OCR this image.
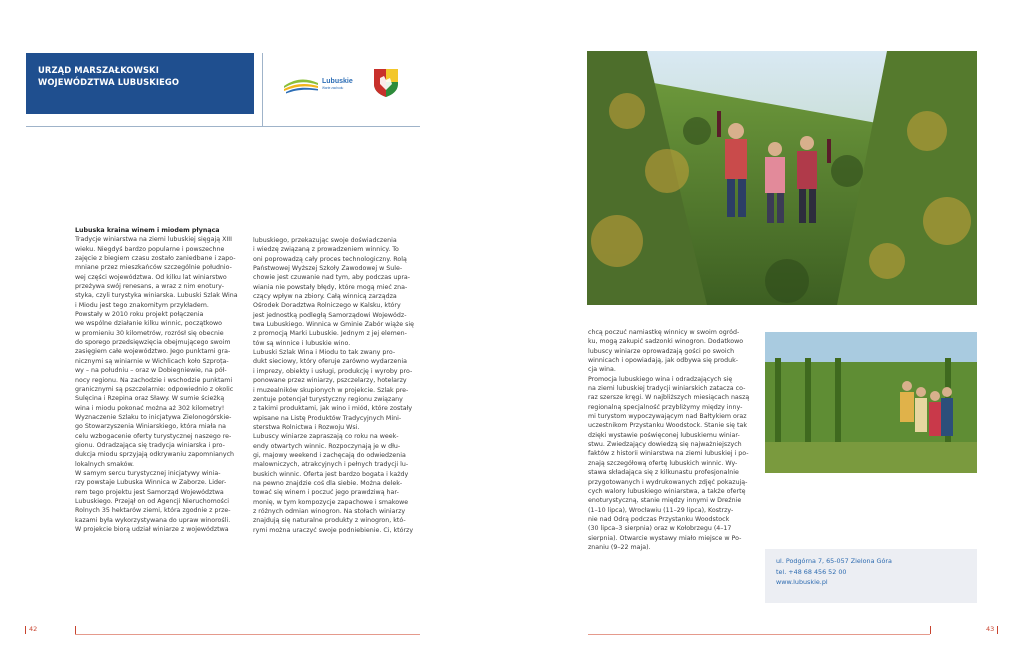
URZĄD MARSZAŁKOWSKI
WOJEWÓDZTWA LUBUSKIEGO	Lubuskie
Warte zachodu
Lubuska kraina winem i miodem płynąca
Tradycje winiarstwa na ziemi lubuskiej sięgają XIII
wieku. Niegdyś bardzo popularne i powszechne
zajęcie z biegiem czasu zostało zaniedbane i zapo-
mniane przez mieszkańców szczególnie południo-
wej części województwa. Od kilku lat winiarstwo
przeżywa swój renesans, a wraz z nim enotury-
styka, czyli turystyka winiarska. Lubuski Szlak Wina
i Miodu jest tego znakomitym przykładem.
Powstały w 2010 roku projekt połączenia
we wspólne działanie kilku winnic, początkowo
w promieniu 30 kilometrów, rozrósł się obecnie
do sporego przedsięwzięcia obejmującego swoim
zasięgiem całe województwo. Jego punktami gra-
nicznymi są winiarnie w Wichlicach koło Szproța-
wy – na południu – oraz w Dobiegniewie, na pół-
nocy regionu. Na zachodzie i wschodzie punktami
granicznymi są pszczelarnie: odpowiednio z okolic
Sulęcina i Rzepina oraz Sławy. W sumie ścieżką
wina i miodu pokonać można aż 302 kilometry!
Wyznaczenie Szlaku to inicjatywa Zielonogórskie-
go Stowarzyszenia Winiarskiego, która miała na
celu wzbogacenie oferty turystycznej naszego re-
gionu. Odradzająca się tradycja winiarska i pro-
dukcja miodu sprzyjają odkrywaniu zapomnianych
lokalnych smaków.
W samym sercu turystycznej inicjatywy winia-
rzy powstaje Lubuska Winnica w Zaborze. Lider-
rem tego projektu jest Samorząd Województwa
Lubuskiego. Przejął on od Agencji Nieruchomości
Rolnych 35 hektarów ziemi, która zgodnie z prze-
kazami była wykorzystywana do upraw winorośli.
W projekcie biorą udział winiarze z województwa
lubuskiego, przekazując swoje doświadczenia
i wiedzę związaną z prowadzeniem winnicy. To
oni poprowadzą cały proces technologiczny. Rolą
Państwowej Wyższej Szkoły Zawodowej w Sule-
chowie jest czuwanie nad tym, aby podczas upra-
wiania nie powstały błędy, które mogą mieć zna-
czący wpływ na zbiory. Całą winnicą zarządza
Ośrodek Doradztwa Rolniczego w Kalsku, który
jest jednostką podległą Samorządowi Wojewódz-
twa Lubuskiego. Winnica w Gminie Zabór wiąże się
z promocją Marki Lubuskie. Jednym z jej elemen-
tów są winnice i lubuskie wino.
Lubuski Szlak Wina i Miodu to tak zwany pro-
dukt sieciowy, który oferuje zarówno wydarzenia
i imprezy, obiekty i usługi, produkcję i wyroby pro-
ponowane przez winiarzy, pszczelarzy, hotelarzy
i muzealników skupionych w projekcie. Szlak pre-
zentuje potencjał turystyczny regionu związany
z takimi produktami, jak wino i miód, które zostały
wpisane na Listę Produktów Tradycyjnych Mini-
sterstwa Rolnictwa i Rozwoju Wsi.
Lubuscy winiarze zapraszają co roku na week-
endy otwartych winnic. Rozpoczynają je w dłu-
gi, majowy weekend i zachęcają do odwiedzenia
malowniczych, atrakcyjnych i pełnych tradycji lu-
buskich winnic. Oferta jest bardzo bogata i każdy
na pewno znajdzie coś dla siebie. Można delek-
tować się winem i poczuć jego prawdziwą har-
monię, w tym kompozycje zapachowe i smakowe
z różnych odmian winogron. Na stołach winiarzy
znajdują się naturalne produkty z winogron, któ-
rymi można uraczyć swoje podniebienie. Ci, którzy
chcą poczuć namiastkę winnicy w swoim ogród-
ku, mogą zakupić sadzonki winogron. Dodatkowo
lubuscy winiarze oprowadzają gości po swoich
winnicach i opowiadają, jak odbywa się produk-
cja wina.
Promocja lubuskiego wina i odradzających się
na ziemi lubuskiej tradycji winiarskich zatacza co-
raz szersze kręgi. W najbliższych miesiącach naszą
regionalną specjalność przybliżymy między inny-
mi turystom wypoczywającym nad Bałtykiem oraz
uczestnikom Przystanku Woodstock. Stanie się tak
dzięki wystawie poświęconej lubuskiemu winiar-
stwu. Zwiedzający dowiedzą się najważniejszych
faktów z historii winiarstwa na ziemi lubuskiej i po-
znają szczegółową ofertę lubuskich winnic. Wy-
stawa składająca się z kilkunastu profesjonalnie
przygotowanych i wydrukowanych zdjęć pokazują-
cych walory lubuskiego winiarstwa, a także ofertę
enoturystyczną, stanie między innymi w Dreźnie
(1–10 lipca), Wrocławiu (11–29 lipca), Kostrzy-
nie nad Odrą podczas Przystanku Woodstock
(30 lipca–3 sierpnia) oraz w Kołobrzegu (4–17
sierpnia). Otwarcie wystawy miało miejsce w Po-
znaniu (9–22 maja).
ul. Podgórna 7, 65-057 Zielona Góra
tel. +48 68 456 52 00
www.lubuskie.pl
42	43
